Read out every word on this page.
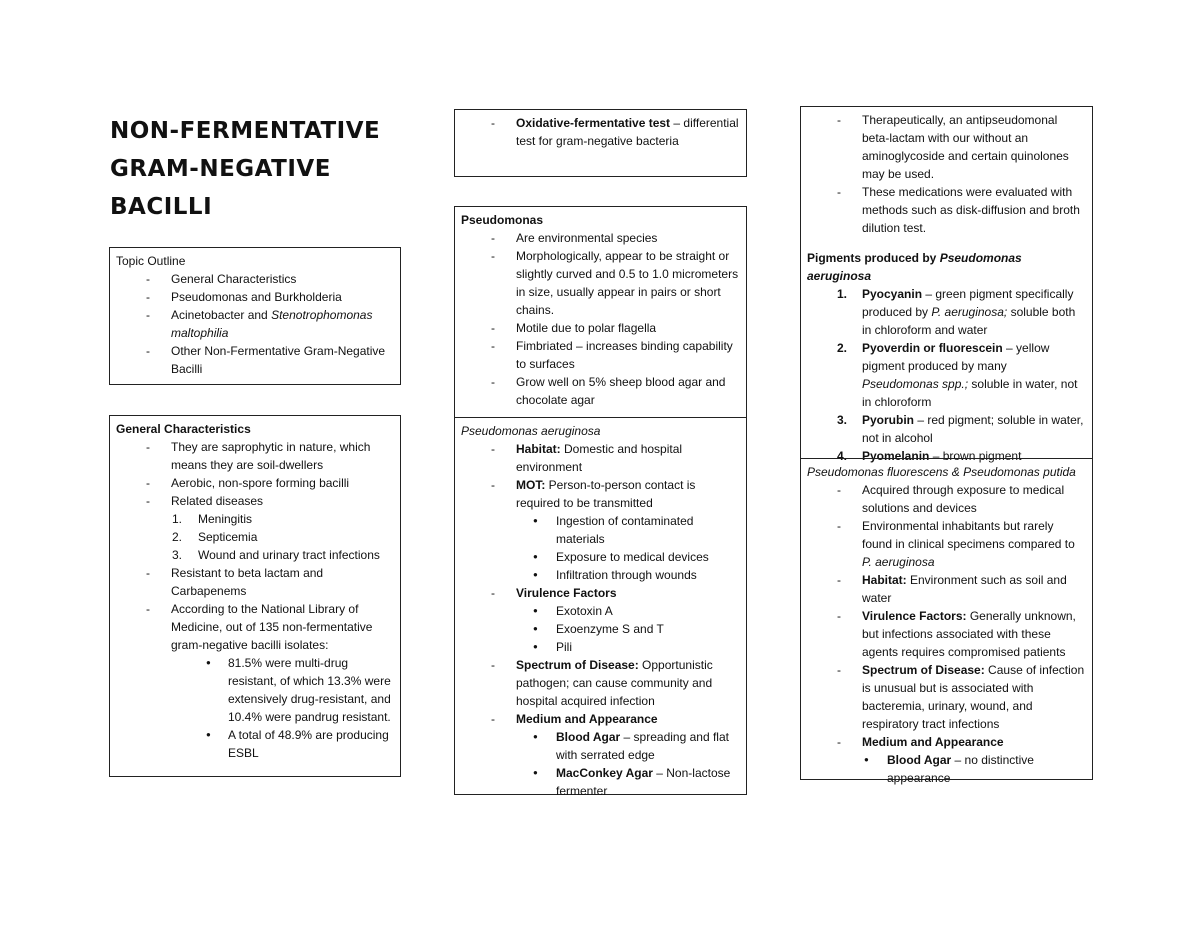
NON-FERMENTATIVE
GRAM-NEGATIVE
BACILLI
Topic Outline
- General Characteristics
- Pseudomonas and Burkholderia
- Acinetobacter and Stenotrophomonas maltophilia
- Other Non-Fermentative Gram-Negative Bacilli
General Characteristics
- They are saprophytic in nature, which means they are soil-dwellers
- Aerobic, non-spore forming bacilli
- Related diseases
1. Meningitis
2. Septicemia
3. Wound and urinary tract infections
- Resistant to beta lactam and Carbapenems
- According to the National Library of Medicine, out of 135 non-fermentative gram-negative bacilli isolates:
● 81.5% were multi-drug resistant, of which 13.3% were extensively drug-resistant, and 10.4% were pandrug resistant.
● A total of 48.9% are producing ESBL
- Oxidative-fermentative test – differential test for gram-negative bacteria
Pseudomonas
- Are environmental species
- Morphologically, appear to be straight or slightly curved and 0.5 to 1.0 micrometers in size, usually appear in pairs or short chains.
- Motile due to polar flagella
- Fimbriated – increases binding capability to surfaces
- Grow well on 5% sheep blood agar and chocolate agar
Pseudomonas aeruginosa
- Habitat: Domestic and hospital environment
- MOT: Person-to-person contact is required to be transmitted
● Ingestion of contaminated materials
● Exposure to medical devices
● Infiltration through wounds
- Virulence Factors
● Exotoxin A
● Exoenzyme S and T
● Pili
- Spectrum of Disease: Opportunistic pathogen; can cause community and hospital acquired infection
- Medium and Appearance
● Blood Agar – spreading and flat with serrated edge
● MacConkey Agar – Non-lactose fermenter
- Therapeutically, an antipseudomonal beta-lactam with our without an aminoglycoside and certain quinolones may be used.
- These medications were evaluated with methods such as disk-diffusion and broth dilution test.
Pigments produced by Pseudomonas aeruginosa
1. Pyocyanin – green pigment specifically produced by P. aeruginosa; soluble both in chloroform and water
2. Pyoverdin or fluorescein – yellow pigment produced by many Pseudomonas spp.; soluble in water, not in chloroform
3. Pyorubin – red pigment; soluble in water, not in alcohol
4. Pyomelanin – brown pigment
Pseudomonas fluorescens & Pseudomonas putida
- Acquired through exposure to medical solutions and devices
- Environmental inhabitants but rarely found in clinical specimens compared to P. aeruginosa
- Habitat: Environment such as soil and water
- Virulence Factors: Generally unknown, but infections associated with these agents requires compromised patients
- Spectrum of Disease: Cause of infection is unusual but is associated with bacteremia, urinary, wound, and respiratory tract infections
- Medium and Appearance
● Blood Agar – no distinctive appearance
